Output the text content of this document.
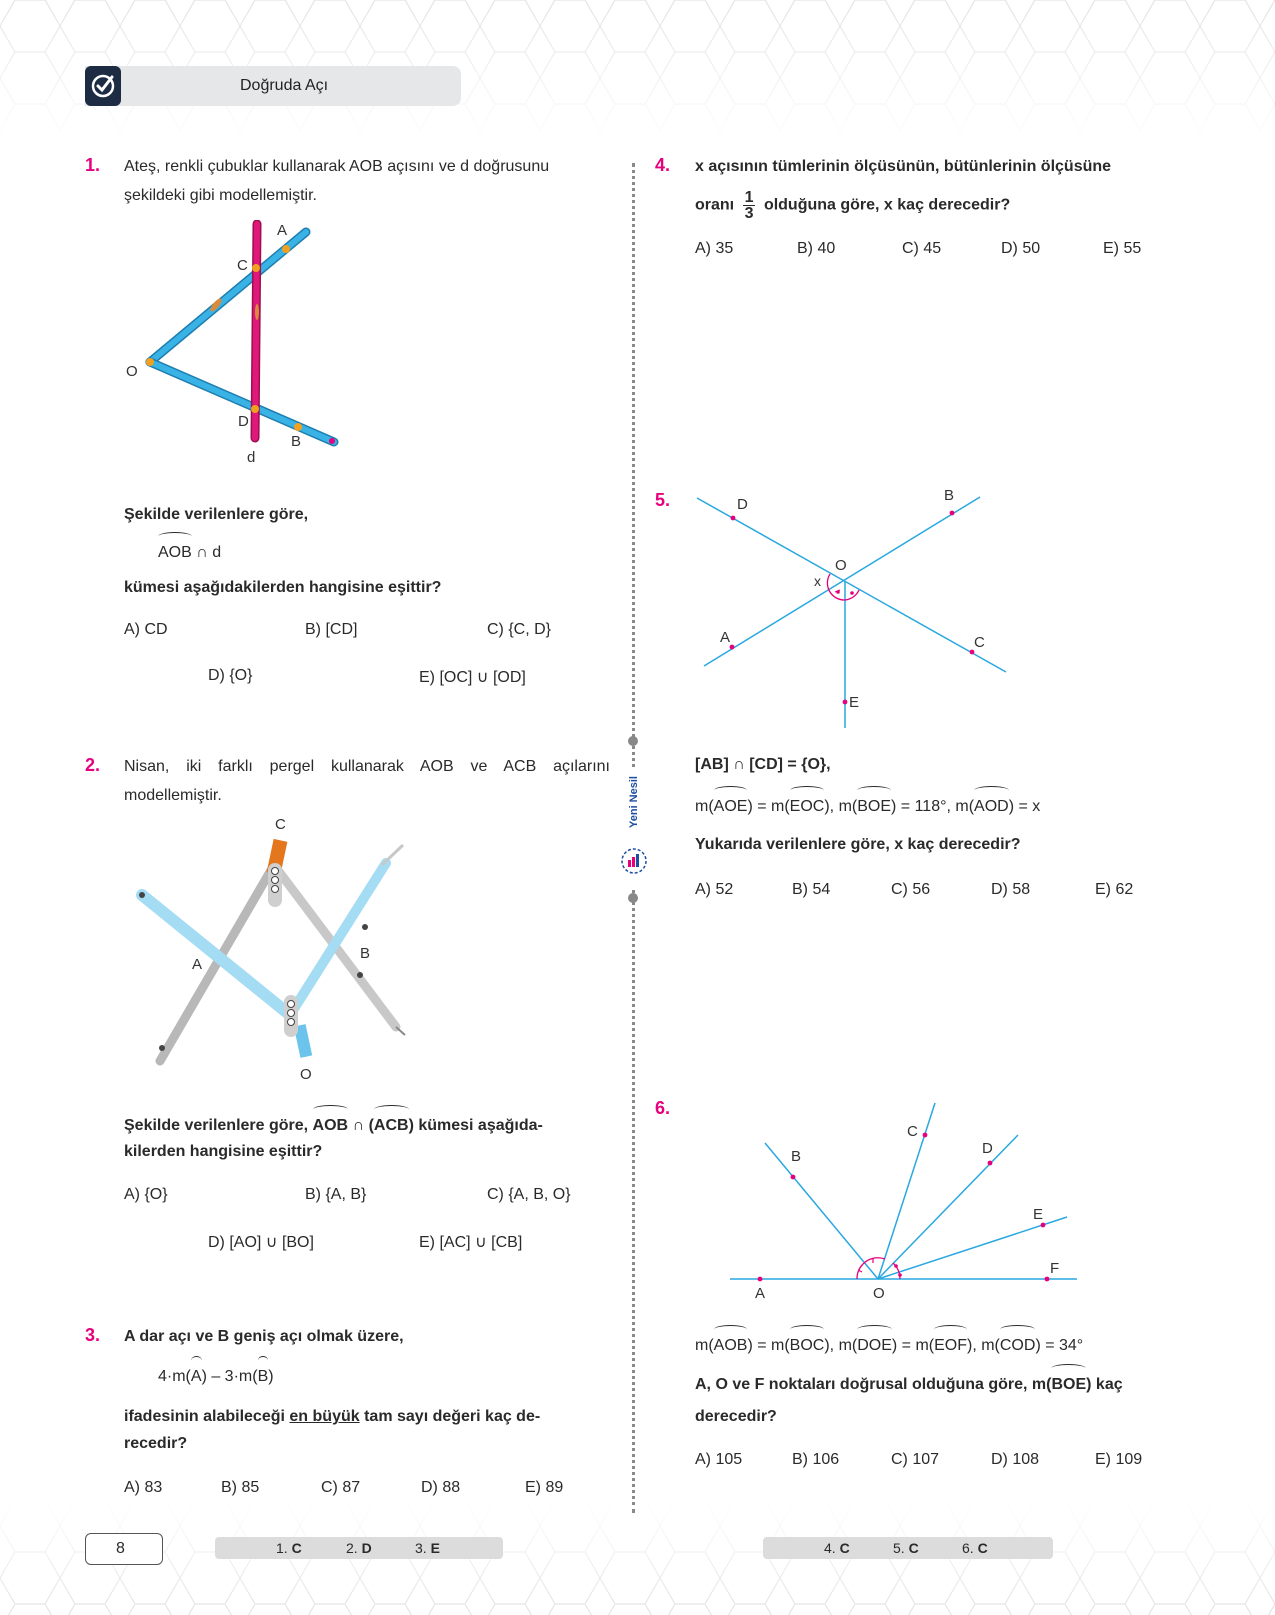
Doğruda Açı
Yeni Nesil
1. Ateş, renkli çubuklar kullanarak AOB açısını ve d doğrusunu şekildeki gibi modellemiştir.
A
C
O
D
B
d
Şekilde verilenlere göre,
AOB ∩ d
kümesi aşağıdakilerden hangisine eşittir?
A) CD	B) [CD]	C) {C, D}
D) {O}	E) [OC] ∪ [OD]
2. Nisan, iki farklı pergel kullanarak AOB ve ACB açılarını modellemiştir.
C
A
B
O
Şekilde verilenlere göre, AOB ∩ (ACB) kümesi aşağıda-
kilerden hangisine eşittir?
A) {O}	B) {A, B}	C) {A, B, O}
D) [AO] ∪ [BO]	E) [AC] ∪ [CB]
3. A dar açı ve B geniş açı olmak üzere,
4·m(A) – 3·m(B)
ifadesinin alabileceği en büyük tam sayı değeri kaç de-
recedir?
A) 83	B) 85	C) 87	D) 88	E) 89
4. x açısının tümlerinin ölçüsünün, bütünlerinin ölçüsüne
oranı $\frac{1}{3}$ olduğuna göre, x kaç derecedir?
A) 35	B) 40	C) 45	D) 50	E) 55
5.	D
B
O
x
A	C
E
[AB] ∩ [CD] = {O},
m(AOE) = m(EOC), m(BOE) = 118°, m(AOD) = x
Yukarıda verilenlere göre, x kaç derecedir?
A) 52	B) 54	C) 56	D) 58	E) 62
6.
C
B	D
E
F
A	O
m(AOB) = m(BOC), m(DOE) = m(EOF), m(COD) = 34°
A, O ve F noktaları doğrusal olduğuna göre, m(BOE) kaç
derecedir?
A) 105	B) 106	C) 107	D) 108	E) 109
8	1. C	2. D	3. E	4. C	5. C	6. C
